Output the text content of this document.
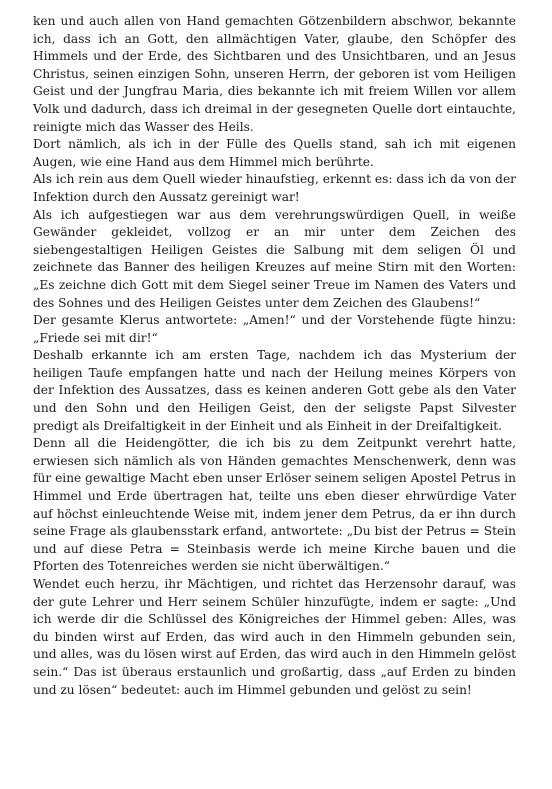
ken und auch allen von Hand gemachten Götzenbildern abschwor, bekannte ich, dass ich an Gott, den allmächtigen Vater, glaube, den Schöpfer des Himmels und der Erde, des Sichtbaren und des Unsichtbaren, und an Jesus Christus, seinen einzigen Sohn, unseren Herrn, der geboren ist vom Heiligen Geist und der Jungfrau Maria, dies bekannte ich mit freiem Willen vor allem Volk und dadurch, dass ich dreimal in der gesegneten Quelle dort eintauchte, reinigte mich das Wasser des Heils.

Dort nämlich, als ich in der Fülle des Quells stand, sah ich mit eigenen Augen, wie eine Hand aus dem Himmel mich berührte.

Als ich rein aus dem Quell wieder hinaufstieg, erkennt es: dass ich da von der Infektion durch den Aussatz gereinigt war!

Als ich aufgestiegen war aus dem verehrungswürdigen Quell, in weiße Gewänder gekleidet, vollzog er an mir unter dem Zeichen des siebengestaltigen Heiligen Geistes die Salbung mit dem seligen Öl und zeichnete das Banner des heiligen Kreuzes auf meine Stirn mit den Worten: „Es zeichne dich Gott mit dem Siegel seiner Treue im Namen des Vaters und des Sohnes und des Heiligen Geistes unter dem Zeichen des Glaubens!“

Der gesamte Klerus antwortete: „Amen!“ und der Vorstehende fügte hinzu: „Friede sei mit dir!“

Deshalb erkannte ich am ersten Tage, nachdem ich das Mysterium der heiligen Taufe empfangen hatte und nach der Heilung meines Körpers von der Infektion des Aussatzes, dass es keinen anderen Gott gebe als den Vater und den Sohn und den Heiligen Geist, den der seligste Papst Silvester predigt als Dreifaltigkeit in der Einheit und als Einheit in der Dreifaltigkeit.

Denn all die Heidengötter, die ich bis zu dem Zeitpunkt verehrt hatte, erwiesen sich nämlich als von Händen gemachtes Menschenwerk, denn was für eine gewaltige Macht eben unser Erlöser seinem seligen Apostel Petrus in Himmel und Erde übertragen hat, teilte uns eben dieser ehrwürdige Vater auf höchst einleuchtende Weise mit, indem jener dem Petrus, da er ihn durch seine Frage als glaubensstark erfand, antwortete: „Du bist der Petrus = Stein und auf diese Petra = Steinbasis werde ich meine Kirche bauen und die Pforten des Totenreiches werden sie nicht überwältigen.“

Wendet euch herzu, ihr Mächtigen, und richtet das Herzensohr darauf, was der gute Lehrer und Herr seinem Schüler hinzufügte, indem er sagte: „Und ich werde dir die Schlüssel des Königreiches der Himmel geben: Alles, was du binden wirst auf Erden, das wird auch in den Himmeln gebunden sein, und alles, was du lösen wirst auf Erden, das wird auch in den Himmeln gelöst sein.“ Das ist überaus erstaunlich und großartig, dass „auf Erden zu binden und zu lösen“ bedeutet: auch im Himmel gebunden und gelöst zu sein!
